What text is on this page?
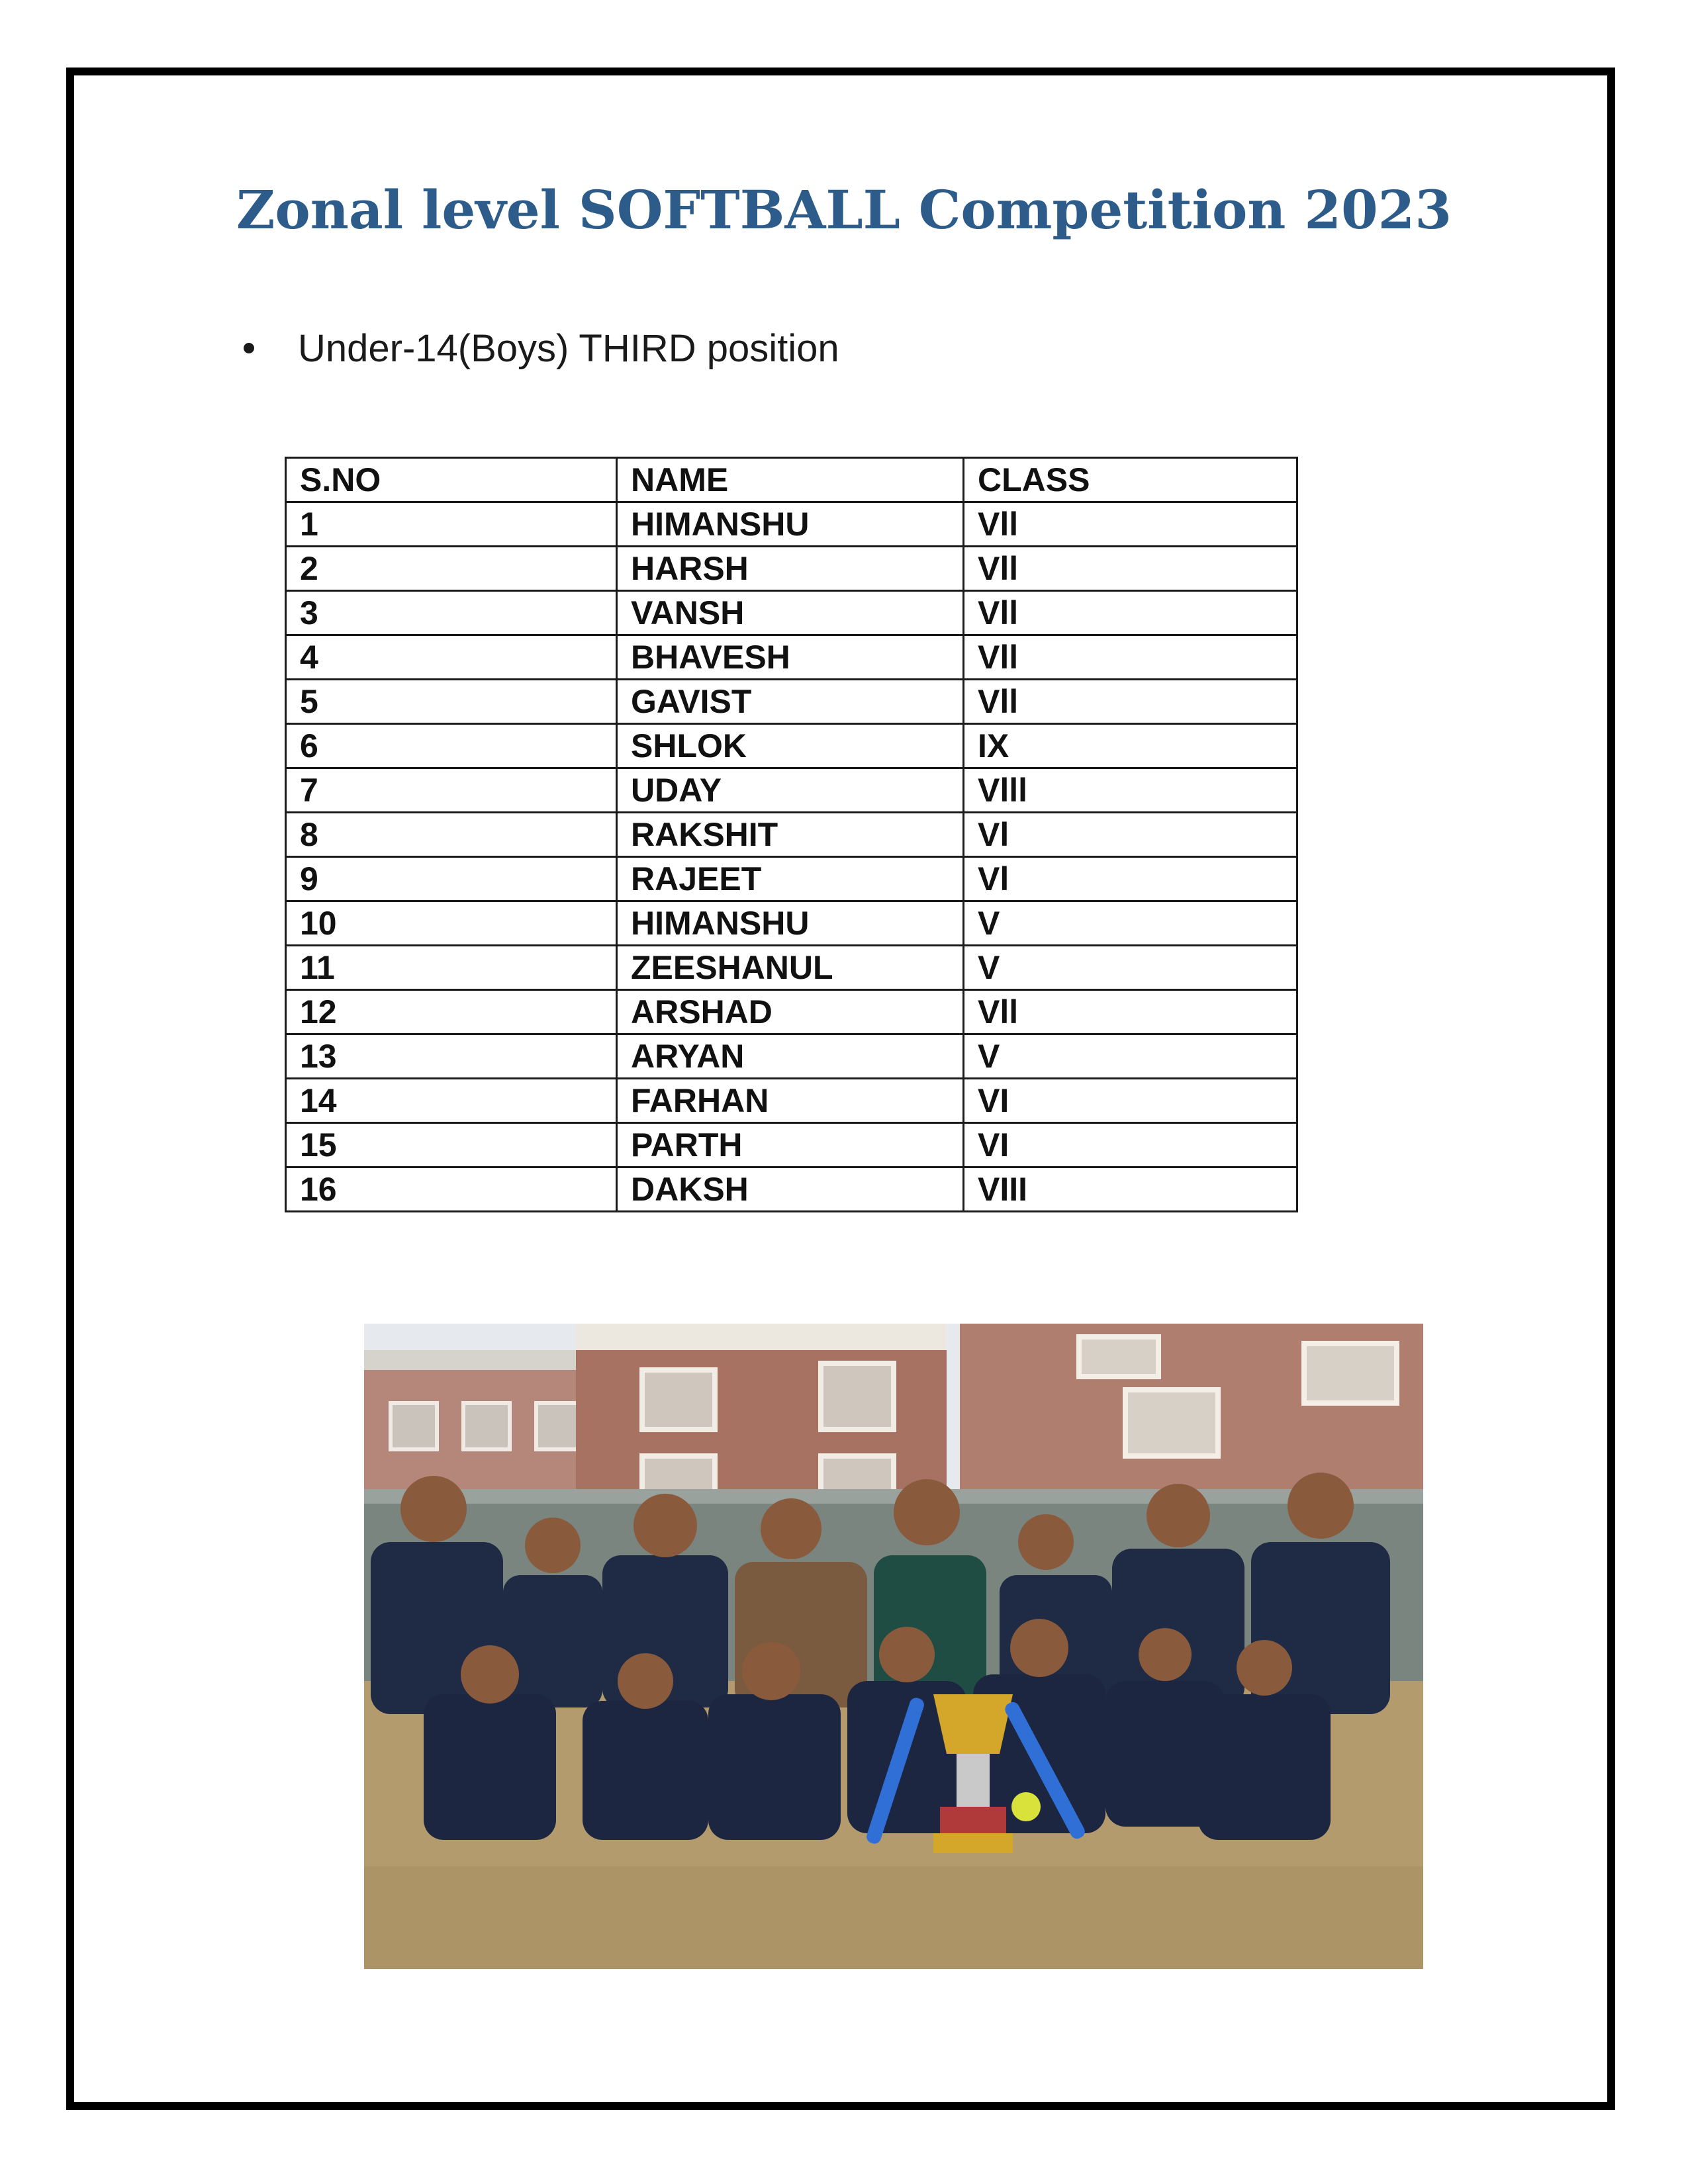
Zonal level SOFTBALL Competition 2023
Under-14(Boys) THIRD position
S.NO	NAME	CLASS
1	HIMANSHU	Vll
2	HARSH	Vll
3	VANSH	Vll
4	BHAVESH	Vll
5	GAVIST	Vll
6	SHLOK	IX
7	UDAY	Vlll
8	RAKSHIT	Vl
9	RAJEET	Vl
10	HIMANSHU	V
11	ZEESHANUL	V
12	ARSHAD	Vll
13	ARYAN	V
14	FARHAN	VI
15	PARTH	VI
16	DAKSH	VIII
